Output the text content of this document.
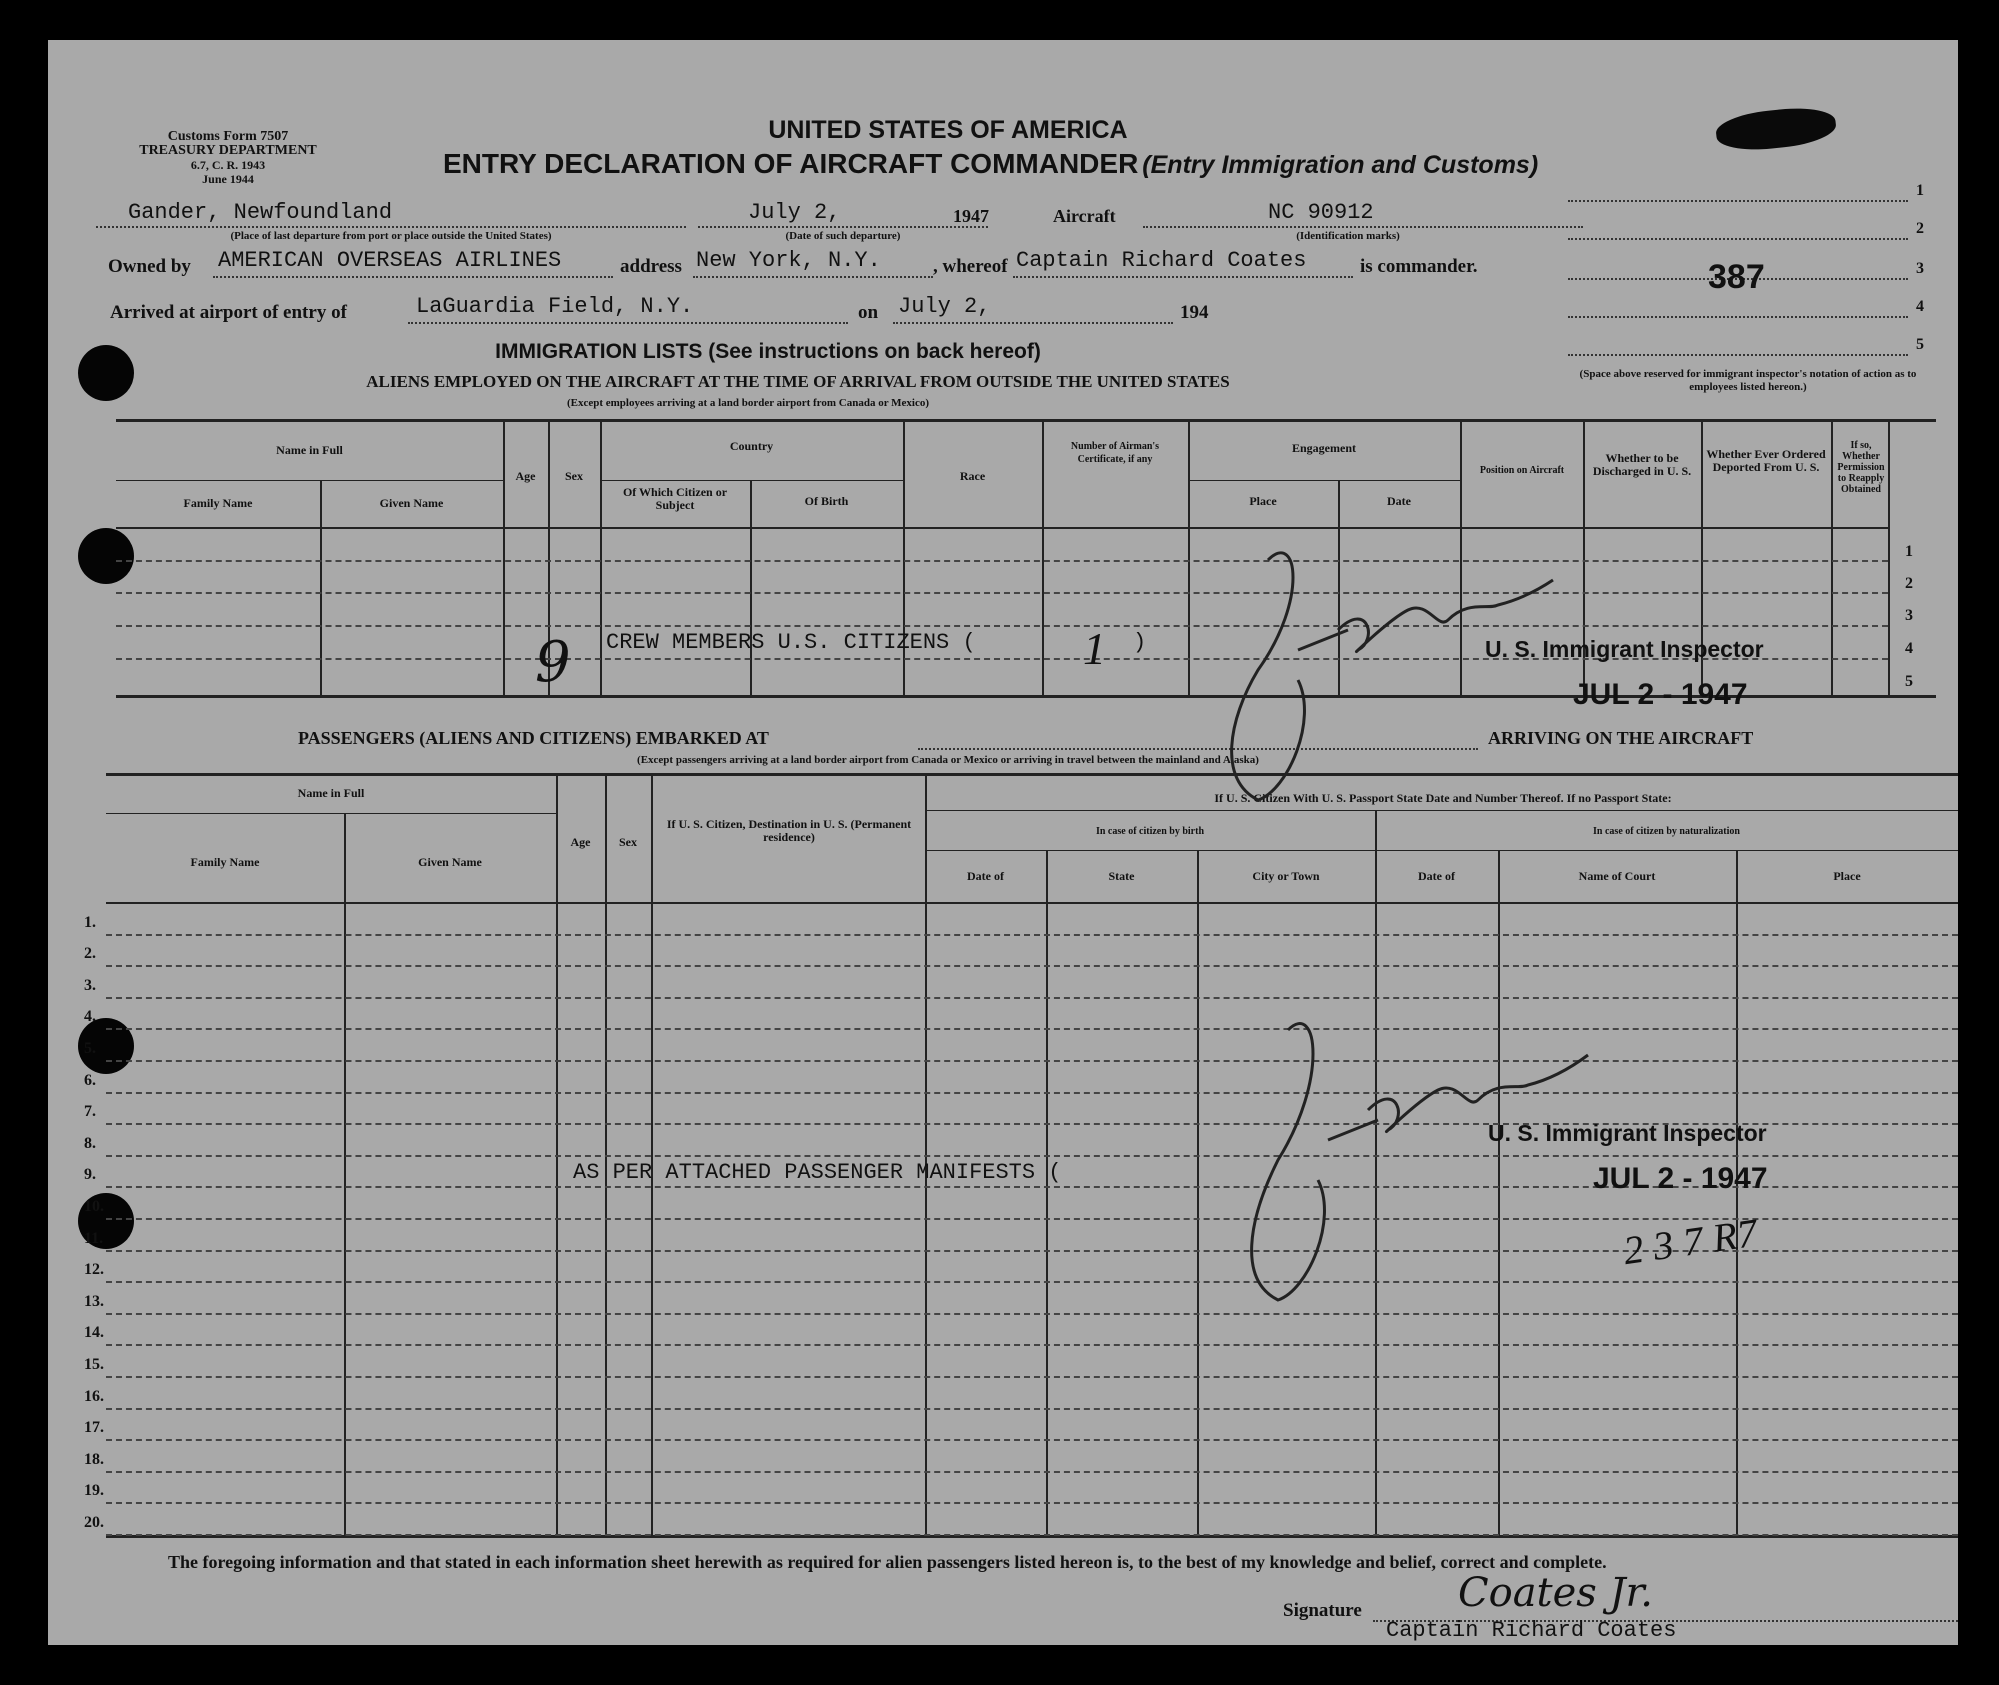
Customs Form 7507
TREASURY DEPARTMENT
6.7, C. R. 1943
June 1944
UNITED STATES OF AMERICA
ENTRY DECLARATION OF AIRCRAFT COMMANDER (Entry Immigration and Customs)
Gander, Newfoundland
(Place of last departure from port or place outside the United States)
July 2,
(Date of such departure)
1947	Aircraft	NC 90912
(Identification marks)
Owned by AMERICAN OVERSEAS AIRLINES	address New York, N.Y.	, whereof Captain Richard Coates	is commander.
Arrived at airport of entry of	LaGuardia Field, N.Y.	on July 2,	194
1
2
3
4
5
387
(Space above reserved for immigrant inspector's notation of action as to employees listed hereon.)
IMMIGRATION LISTS (See instructions on back hereof)
ALIENS EMPLOYED ON THE AIRCRAFT AT THE TIME OF ARRIVAL FROM OUTSIDE THE UNITED STATES
(Except employees arriving at a land border airport from Canada or Mexico)
Name in Full
Family Name	Given Name
Age	Sex
Country
Of Which Citizen or Subject	Of Birth
Race
Number of Airman's Certificate, if any
Engagement
Place	Date
Position on Aircraft
Whether to be Discharged in U. S.
Whether Ever Ordered Deported From U. S.
If so, Whether Permission to Reapply Obtained
1
2
3
4
5
9 CREW MEMBERS U.S. CITIZENS ( 1 )	U. S. Immigrant Inspector
JUL 2 - 1947
PASSENGERS (ALIENS AND CITIZENS) EMBARKED AT	ARRIVING ON THE AIRCRAFT
(Except passengers arriving at a land border airport from Canada or Mexico or arriving in travel between the mainland and Alaska)
Name in Full
Family Name	Given Name
Age	Sex
If U. S. Citizen, Destination in U. S. (Permanent residence)
If U. S. Citizen With U. S. Passport State Date and Number Thereof. If no Passport State:
In case of citizen by birth
Date of	State	City or Town
In case of citizen by naturalization
Date of	Name of Court	Place
1.
2.
3.
4.
5.
6.
7.
8.
9.
10.
11.
12.
13.
14.
15.
16.
17.
18.
19.
20.
AS PER ATTACHED PASSENGER MANIFESTS (
U. S. Immigrant Inspector
JUL 2 - 1947
2 3 7 R7
The foregoing information and that stated in each information sheet herewith as required for alien passengers listed hereon is, to the best of my knowledge and belief, correct and complete.
Signature Coates Jr.
Captain Richard Coates
